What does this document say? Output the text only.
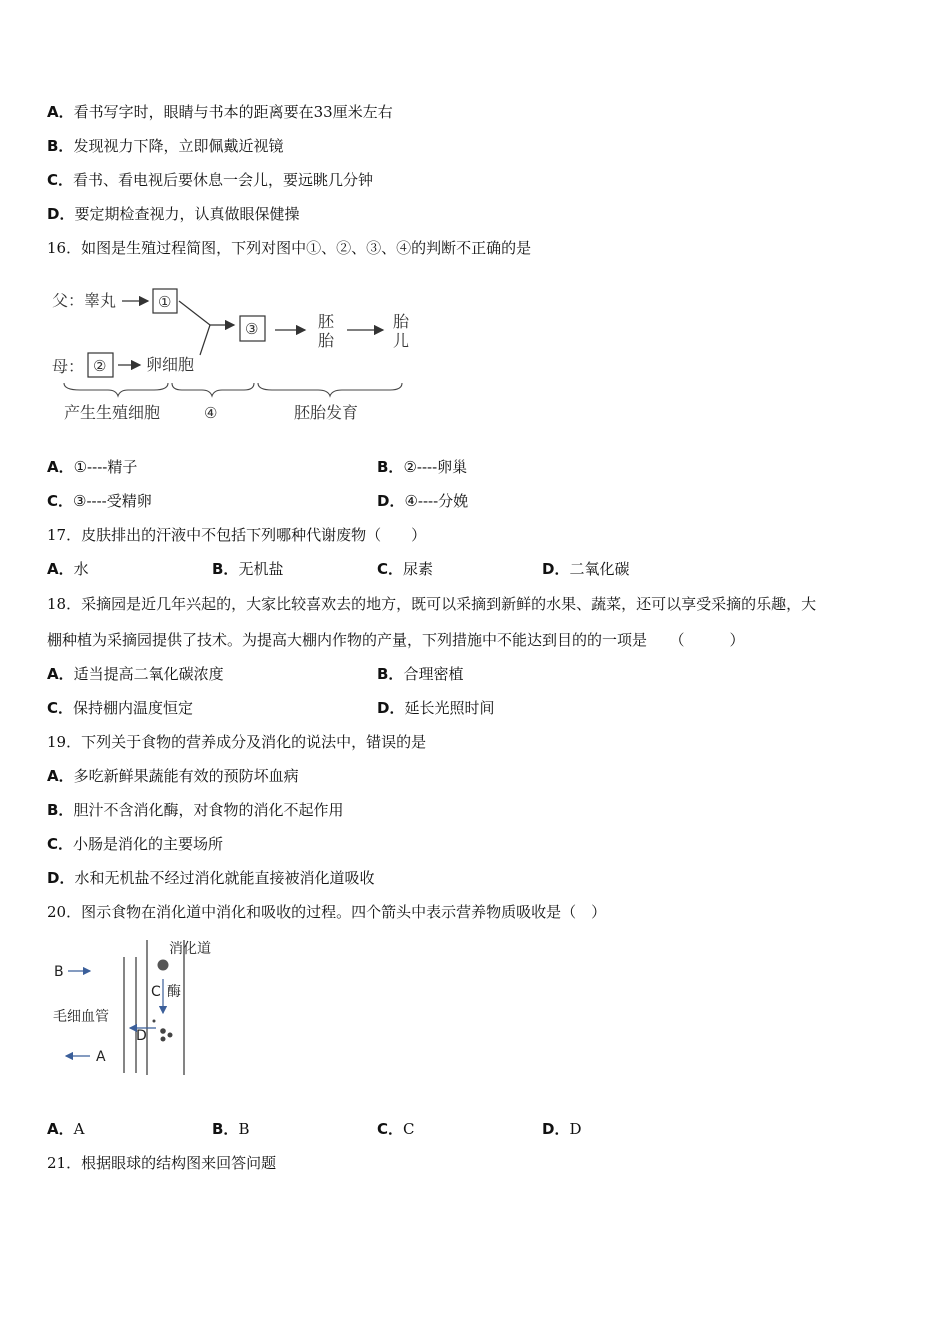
A．看书写字时，眼睛与书本的距离要在33厘米左右
B．发现视力下降，立即佩戴近视镜
C．看书、看电视后要休息一会儿，要远眺几分钟
D．要定期检查视力，认真做眼保健操
16．如图是生殖过程简图，下列对图中①、②、③、④的判断不正确的是
父：睾丸	①
③	胚
胎
胎
儿
母： ② 卵细胞
产生生殖细胞	④	胚胎发育
A．①----精子	B．②----卵巢
C．③----受精卵	D．④----分娩
17．皮肤排出的汗液中不包括下列哪种代谢废物（　　）
A．水	B．无机盐	C．尿素	D．二氧化碳
18．采摘园是近几年兴起的，大家比较喜欢去的地方，既可以采摘到新鲜的水果、蔬菜，还可以享受采摘的乐趣，大
棚种植为采摘园提供了技术。为提高大棚内作物的产量，下列措施中不能达到目的的一项是　　（　　　）
A．适当提高二氧化碳浓度	B．合理密植
C．保持棚内温度恒定	D．延长光照时间
19．下列关于食物的营养成分及消化的说法中，错误的是
A．多吃新鲜果蔬能有效的预防坏血病
B．胆汁不含消化酶，对食物的消化不起作用
C．小肠是消化的主要场所
D．水和无机盐不经过消化就能直接被消化道吸收
20．图示食物在消化道中消化和吸收的过程。四个箭头中表示营养物质吸收是（　）
消化道
C 酶
B
毛细血管
D
A
A．A	B．B	C．C	D．D
21．根据眼球的结构图来回答问题
